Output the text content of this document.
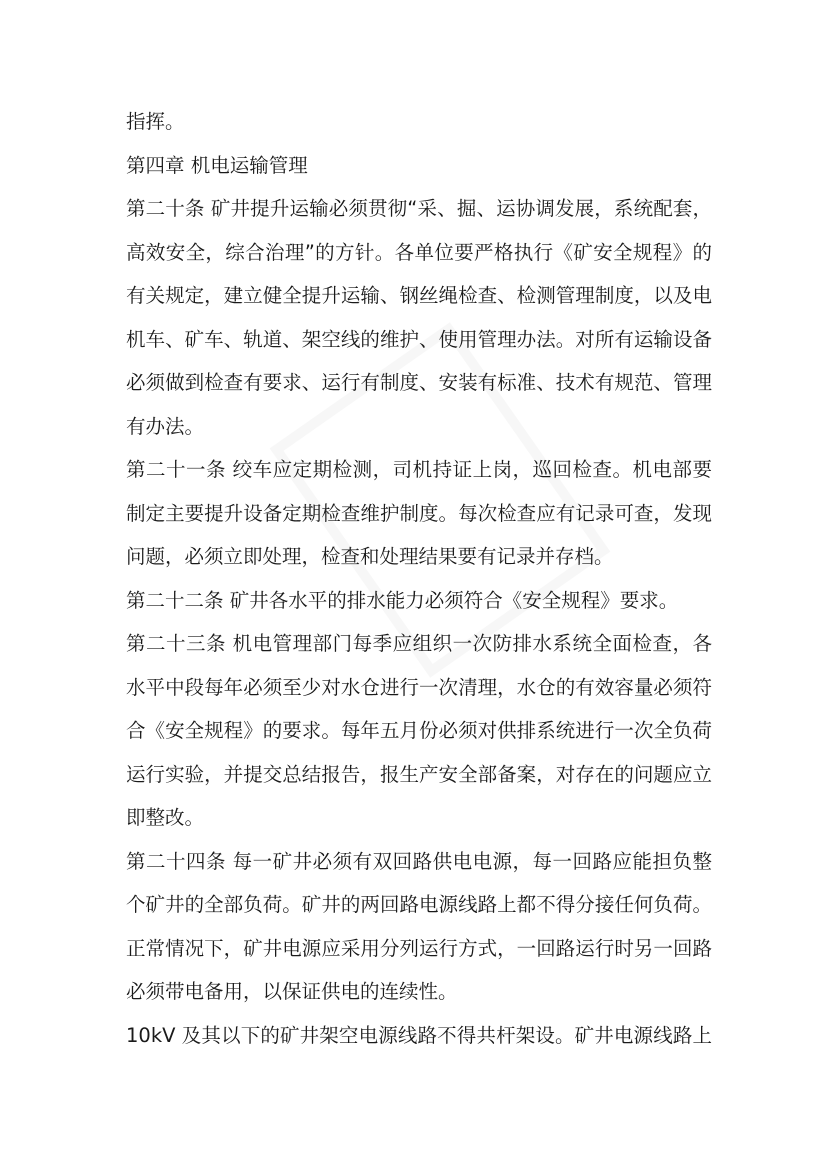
指挥。
第四章 机电运输管理
第二十条 矿井提升运输必须贯彻“采、掘、运协调发展，系统配套，
高效安全，综合治理”的方针。各单位要严格执行《矿安全规程》的
有关规定，建立健全提升运输、钢丝绳检查、检测管理制度，以及电
机车、矿车、轨道、架空线的维护、使用管理办法。对所有运输设备
必须做到检查有要求、运行有制度、安装有标准、技术有规范、管理
有办法。
第二十一条 绞车应定期检测，司机持证上岗，巡回检查。机电部要
制定主要提升设备定期检查维护制度。每次检查应有记录可查，发现
问题，必须立即处理，检查和处理结果要有记录并存档。
第二十二条 矿井各水平的排水能力必须符合《安全规程》要求。
第二十三条 机电管理部门每季应组织一次防排水系统全面检查，各
水平中段每年必须至少对水仓进行一次清理，水仓的有效容量必须符
合《安全规程》的要求。每年五月份必须对供排系统进行一次全负荷
运行实验，并提交总结报告，报生产安全部备案，对存在的问题应立
即整改。
第二十四条 每一矿井必须有双回路供电电源，每一回路应能担负整
个矿井的全部负荷。矿井的两回路电源线路上都不得分接任何负荷。
正常情况下，矿井电源应采用分列运行方式，一回路运行时另一回路
必须带电备用，以保证供电的连续性。
10kV 及其以下的矿井架空电源线路不得共杆架设。矿井电源线路上
